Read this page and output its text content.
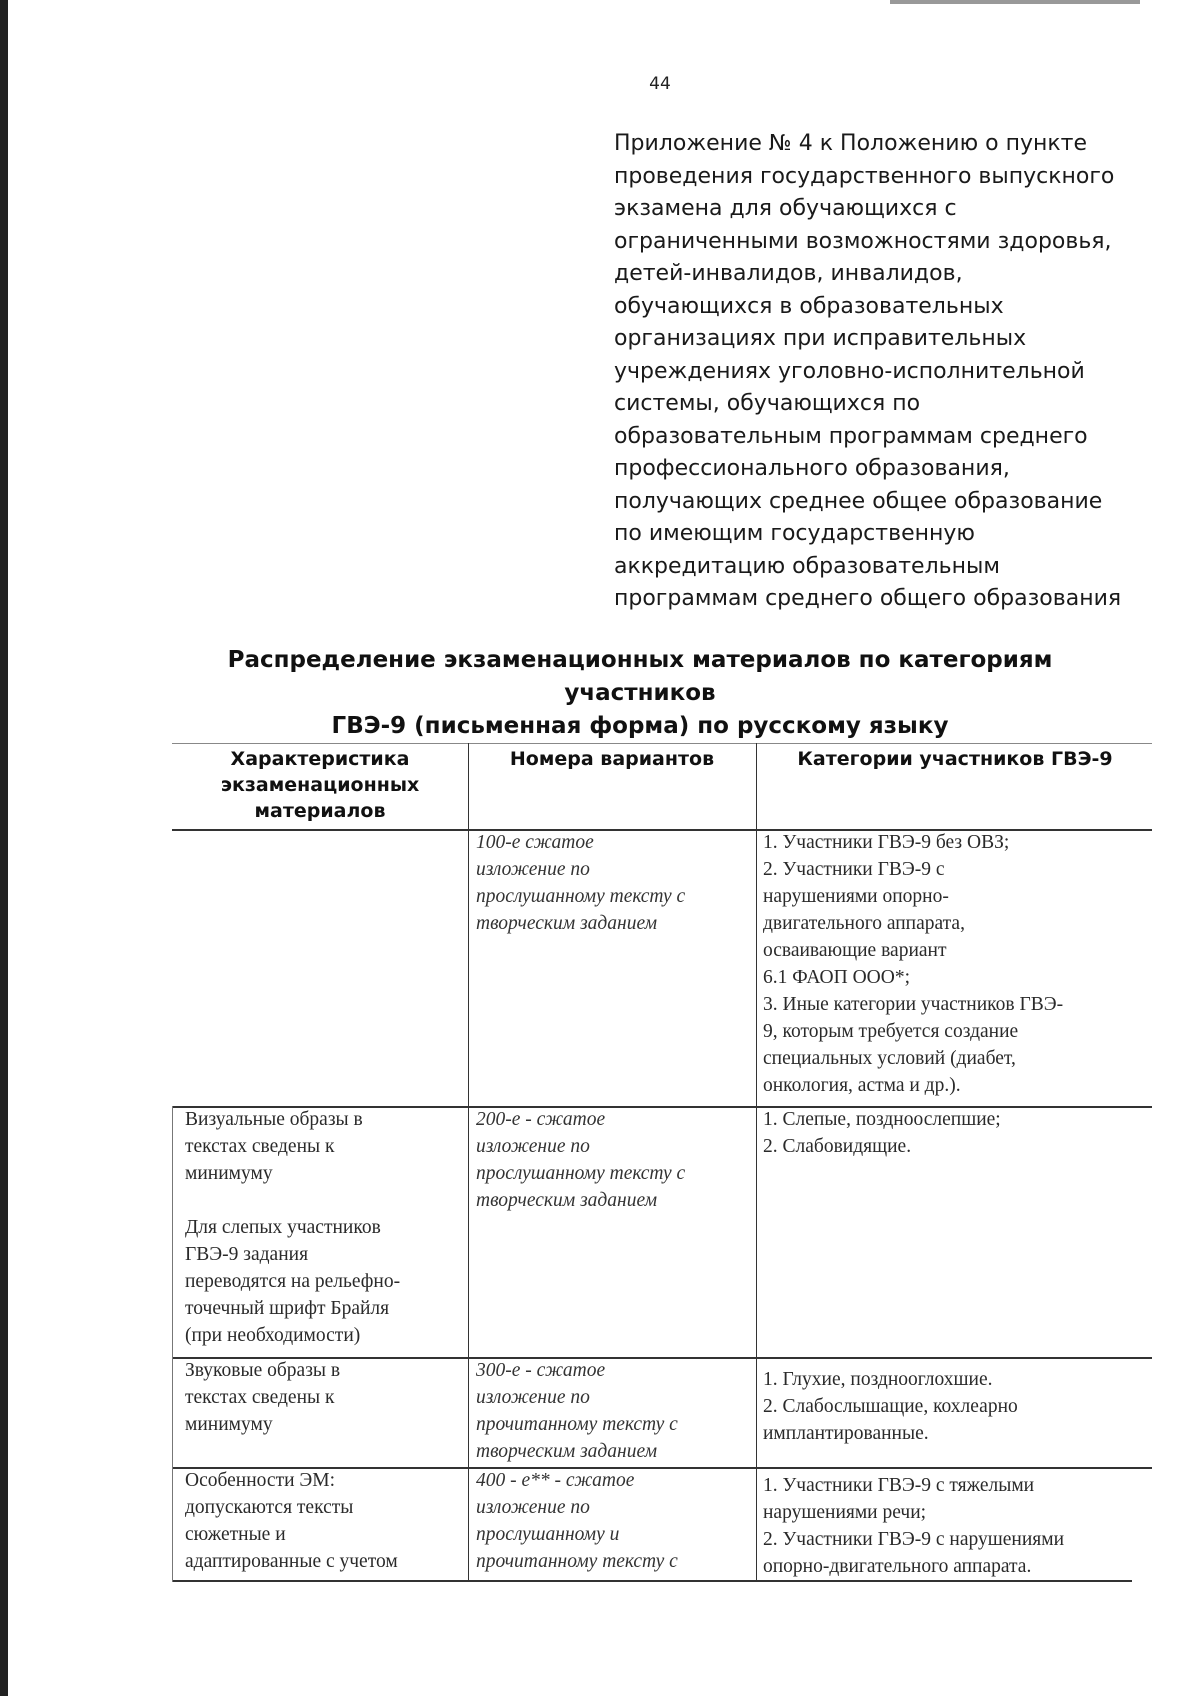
44
Приложение № 4 к Положению о пункте
проведения государственного выпускного
экзамена для обучающихся с
ограниченными возможностями здоровья,
детей-инвалидов, инвалидов,
обучающихся в образовательных
организациях при исправительных
учреждениях уголовно-исполнительной
системы, обучающихся по
образовательным программам среднего
профессионального образования,
получающих среднее общее образование
по имеющим государственную
аккредитацию образовательным
программам среднего общего образования
Распределение экзаменационных материалов по категориям участников
ГВЭ-9 (письменная форма) по русскому языку
Характеристика
экзаменационных
материалов
Номера вариантов	Категории участников ГВЭ-9
100-е сжатое
изложение по
прослушанному тексту с
творческим заданием
1. Участники ГВЭ-9 без ОВЗ;
2. Участники ГВЭ-9 с
нарушениями опорно-
двигательного аппарата,
осваивающие вариант
6.1 ФАОП ООО*;
3. Иные категории участников ГВЭ-
9, которым требуется создание
специальных условий (диабет,
онкология, астма и др.).
Визуальные образы в
текстах сведены к
минимуму
Для слепых участников
ГВЭ-9 задания
переводятся на рельефно-
точечный шрифт Брайля
(при необходимости)
200-е - сжатое
изложение по
прослушанному тексту с
творческим заданием
1. Слепые, поздноослепшие;
2. Слабовидящие.
Звуковые образы в
текстах сведены к
минимуму
300-е - сжатое
изложение по
прочитанному тексту с
творческим заданием
1. Глухие, позднооглохшие.
2. Слабослышащие, кохлеарно
имплантированные.
Особенности ЭМ:
допускаются тексты
сюжетные и
адаптированные с учетом
400 - е** - сжатое
изложение по
прослушанному и
прочитанному тексту с
1. Участники ГВЭ-9 с тяжелыми
нарушениями речи;
2. Участники ГВЭ-9 с нарушениями
опорно-двигательного аппарата.
